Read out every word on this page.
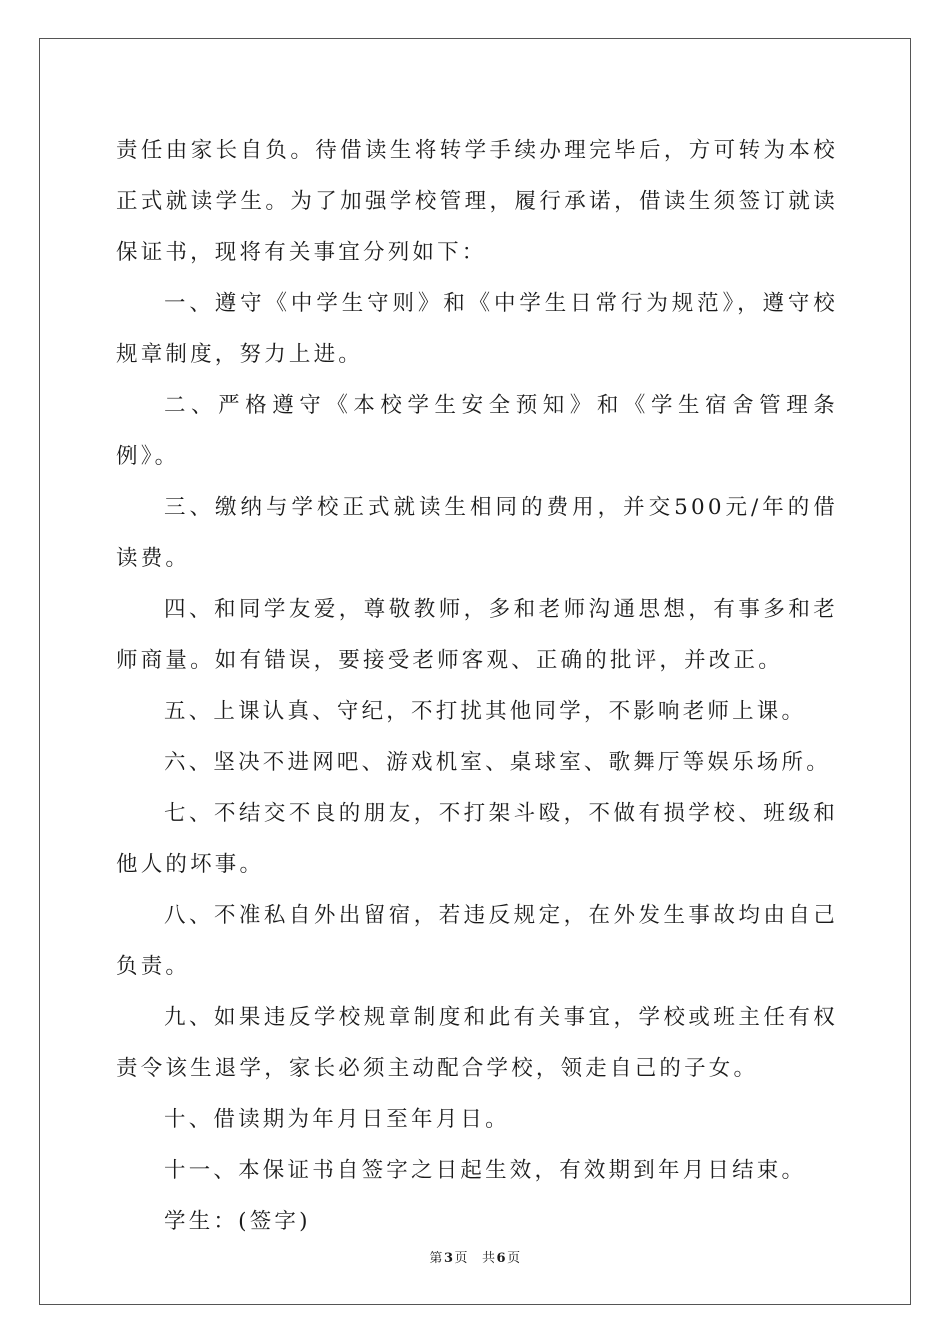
责任由家长自负。待借读生将转学手续办理完毕后，方可转为本校正式就读学生。为了加强学校管理，履行承诺，借读生须签订就读保证书，现将有关事宜分列如下：

一、遵守《中学生守则》和《中学生日常行为规范》，遵守校规章制度，努力上进。

二、严格遵守《本校学生安全预知》和《学生宿舍管理条例》。

三、缴纳与学校正式就读生相同的费用，并交500元/年的借读费。

四、和同学友爱，尊敬教师，多和老师沟通思想，有事多和老师商量。如有错误，要接受老师客观、正确的批评，并改正。

五、上课认真、守纪，不打扰其他同学，不影响老师上课。

六、坚决不进网吧、游戏机室、桌球室、歌舞厅等娱乐场所。

七、不结交不良的朋友，不打架斗殴，不做有损学校、班级和他人的坏事。

八、不准私自外出留宿，若违反规定，在外发生事故均由自己负责。

九、如果违反学校规章制度和此有关事宜，学校或班主任有权责令该生退学，家长必须主动配合学校，领走自己的子女。

十、借读期为年月日至年月日。

十一、本保证书自签字之日起生效，有效期到年月日结束。

学生：(签字)

第3页 共6页
